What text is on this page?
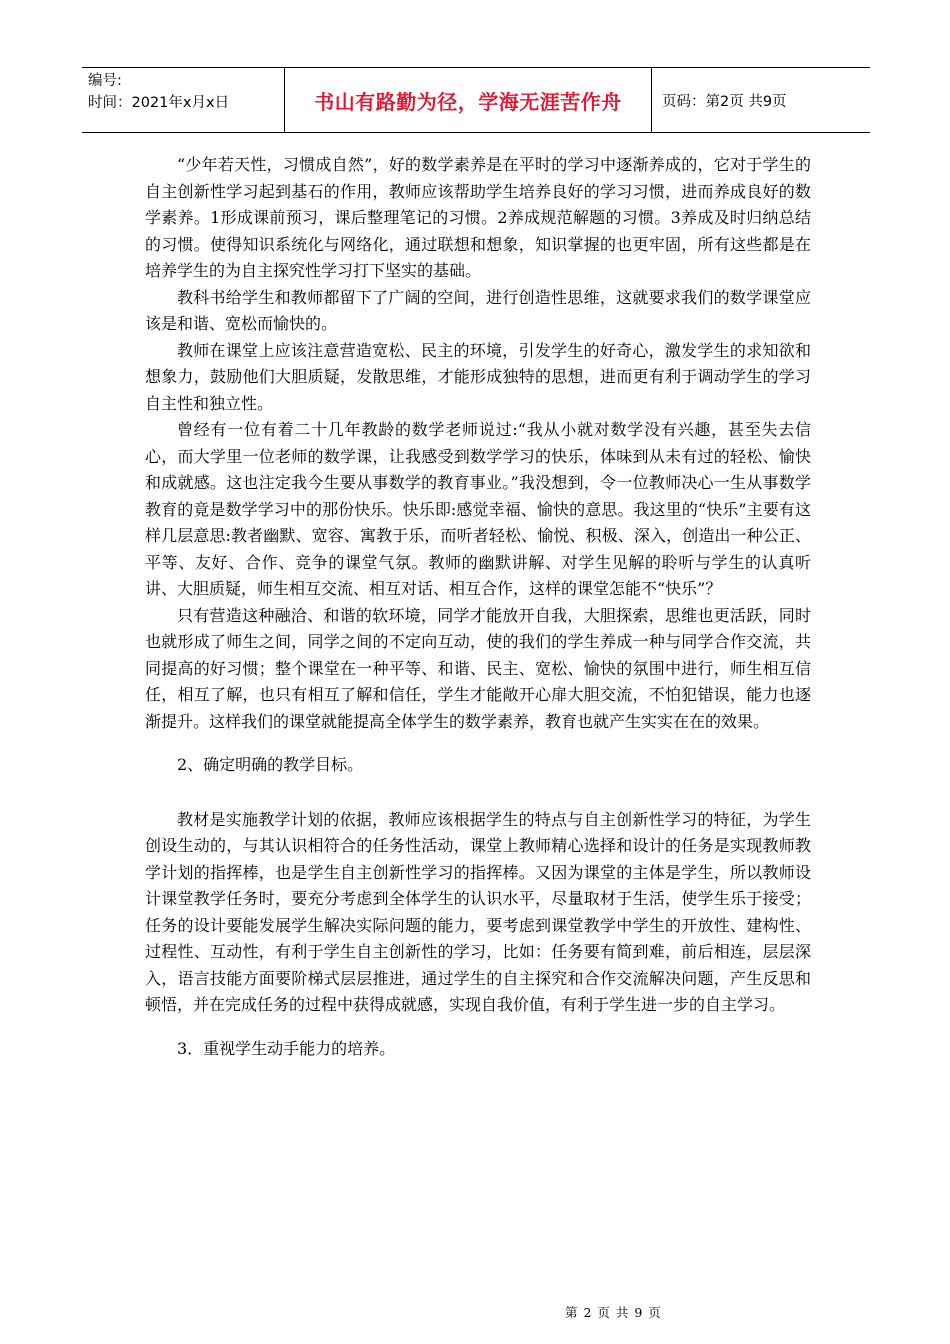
编号:
时间：2021年x月x日	书山有路勤为径，学海无涯苦作舟	页码：第2页 共9页

“少年若天性，习惯成自然”，好的数学素养是在平时的学习中逐渐养成的，它对于学生的自主创新性学习起到基石的作用，教师应该帮助学生培养良好的学习习惯，进而养成良好的数学素养。1形成课前预习，课后整理笔记的习惯。2养成规范解题的习惯。3养成及时归纳总结的习惯。使得知识系统化与网络化，通过联想和想象，知识掌握的也更牢固，所有这些都是在培养学生的为自主探究性学习打下坚实的基础。

教科书给学生和教师都留下了广阔的空间，进行创造性思维，这就要求我们的数学课堂应该是和谐、宽松而愉快的。

教师在课堂上应该注意营造宽松、民主的环境，引发学生的好奇心，激发学生的求知欲和想象力，鼓励他们大胆质疑，发散思维，才能形成独特的思想，进而更有利于调动学生的学习自主性和独立性。

曾经有一位有着二十几年教龄的数学老师说过:“我从小就对数学没有兴趣，甚至失去信心，而大学里一位老师的数学课，让我感受到数学学习的快乐，体味到从未有过的轻松、愉快和成就感。这也注定我今生要从事数学的教育事业。”我没想到，令一位教师决心一生从事数学教育的竟是数学学习中的那份快乐。快乐即:感觉幸福、愉快的意思。我这里的“快乐”主要有这样几层意思:教者幽默、宽容、寓教于乐，而听者轻松、愉悦、积极、深入，创造出一种公正、平等、友好、合作、竞争的课堂气氛。教师的幽默讲解、对学生见解的聆听与学生的认真听讲、大胆质疑，师生相互交流、相互对话、相互合作，这样的课堂怎能不“快乐”？

只有营造这种融洽、和谐的软环境，同学才能放开自我，大胆探索，思维也更活跃，同时也就形成了师生之间，同学之间的不定向互动，使的我们的学生养成一种与同学合作交流，共同提高的好习惯；整个课堂在一种平等、和谐、民主、宽松、愉快的氛围中进行，师生相互信任，相互了解，也只有相互了解和信任，学生才能敞开心扉大胆交流，不怕犯错误，能力也逐渐提升。这样我们的课堂就能提高全体学生的数学素养，教育也就产生实实在在的效果。

2、确定明确的教学目标。

教材是实施教学计划的依据，教师应该根据学生的特点与自主创新性学习的特征，为学生创设生动的，与其认识相符合的任务性活动，课堂上教师精心选择和设计的任务是实现教师教学计划的指挥棒，也是学生自主创新性学习的指挥棒。又因为课堂的主体是学生，所以教师设计课堂教学任务时，要充分考虑到全体学生的认识水平，尽量取材于生活，使学生乐于接受；任务的设计要能发展学生解决实际问题的能力，要考虑到课堂教学中学生的开放性、建构性、过程性、互动性，有利于学生自主创新性的学习，比如：任务要有简到难，前后相连，层层深入，语言技能方面要阶梯式层层推进，通过学生的自主探究和合作交流解决问题，产生反思和顿悟，并在完成任务的过程中获得成就感，实现自我价值，有利于学生进一步的自主学习。

3．重视学生动手能力的培养。

第 2 页 共 9 页
